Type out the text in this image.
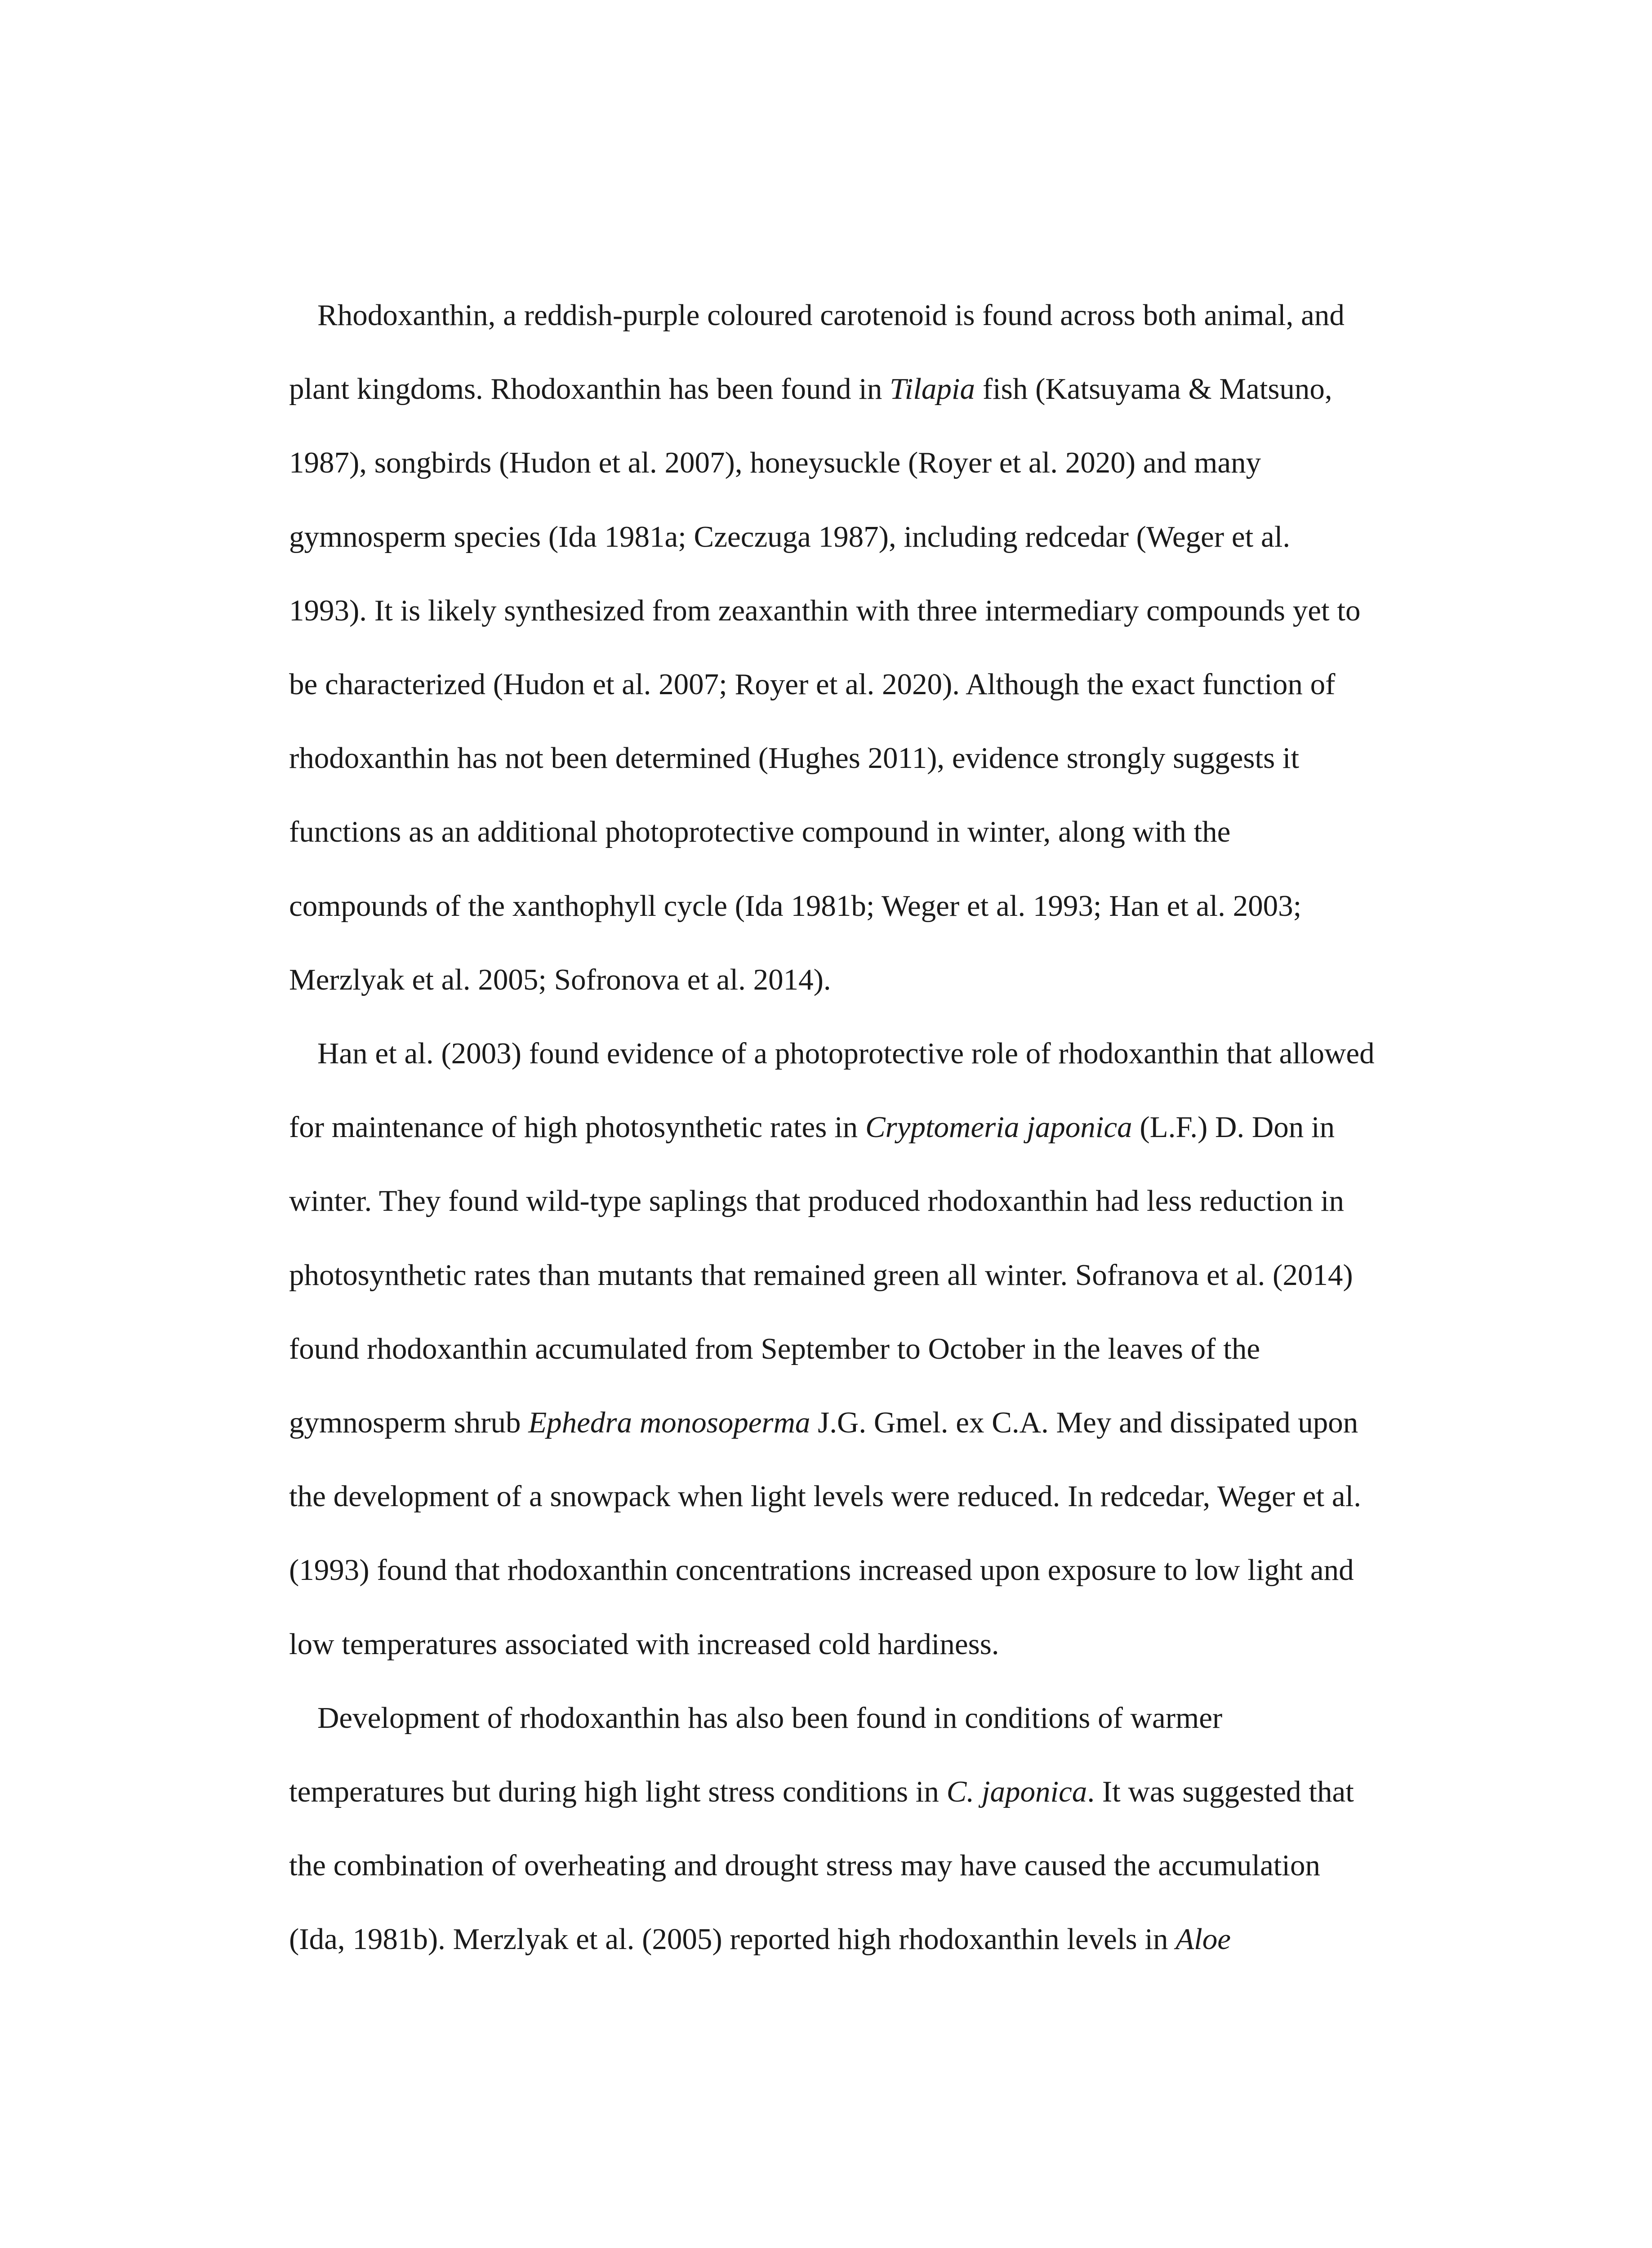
Rhodoxanthin, a reddish-purple coloured carotenoid is found across both animal, and
plant kingdoms. Rhodoxanthin has been found in Tilapia fish (Katsuyama & Matsuno,
1987), songbirds (Hudon et al. 2007), honeysuckle (Royer et al. 2020) and many
gymnosperm species (Ida 1981a; Czeczuga 1987), including redcedar (Weger et al.
1993). It is likely synthesized from zeaxanthin with three intermediary compounds yet to
be characterized (Hudon et al. 2007; Royer et al. 2020). Although the exact function of
rhodoxanthin has not been determined (Hughes 2011), evidence strongly suggests it
functions as an additional photoprotective compound in winter, along with the
compounds of the xanthophyll cycle (Ida 1981b; Weger et al. 1993; Han et al. 2003;
Merzlyak et al. 2005; Sofronova et al. 2014).
Han et al. (2003) found evidence of a photoprotective role of rhodoxanthin that allowed
for maintenance of high photosynthetic rates in Cryptomeria japonica (L.F.) D. Don in
winter. They found wild-type saplings that produced rhodoxanthin had less reduction in
photosynthetic rates than mutants that remained green all winter. Sofranova et al. (2014)
found rhodoxanthin accumulated from September to October in the leaves of the
gymnosperm shrub Ephedra monosoperma J.G. Gmel. ex C.A. Mey and dissipated upon
the development of a snowpack when light levels were reduced. In redcedar, Weger et al.
(1993) found that rhodoxanthin concentrations increased upon exposure to low light and
low temperatures associated with increased cold hardiness.
Development of rhodoxanthin has also been found in conditions of warmer
temperatures but during high light stress conditions in C. japonica. It was suggested that
the combination of overheating and drought stress may have caused the accumulation
(Ida, 1981b). Merzlyak et al. (2005) reported high rhodoxanthin levels in Aloe
